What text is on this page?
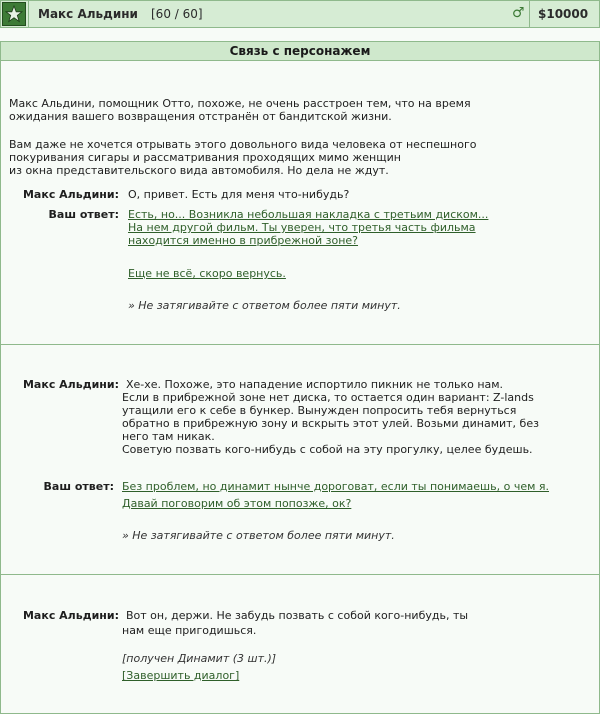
Макс Альдини [60 / 60]	♂ $10000
Связь с персонажем
Макс Альдини, помощник Отто, похоже, не очень расстроен тем, что на время
ожидания вашего возвращения отстранён от бандитской жизни.
Вам даже не хочется отрывать этого довольного вида человека от неспешного
покуривания сигары и рассматривания проходящих мимо женщин
из окна представительского вида автомобиля. Но дела не ждут.
Макс Альдини: О, привет. Есть для меня что-нибудь?
Ваш ответ: Есть, но... Возникла небольшая накладка с третьим диском...
На нем другой фильм. Ты уверен, что третья часть фильма
находится именно в прибрежной зоне?
Еще не всё, скоро вернусь.
» Не затягивайте с ответом более пяти минут.
Макс Альдини: Хе-хе. Похоже, это нападение испортило пикник не только нам.
Если в прибрежной зоне нет диска, то остается один вариант: Z-lands
утащили его к себе в бункер. Вынужден попросить тебя вернуться
обратно в прибрежную зону и вскрыть этот улей. Возьми динамит, без
него там никак.
Советую позвать кого-нибудь с собой на эту прогулку, целее будешь.
Ваш ответ: Без проблем, но динамит нынче дороговат, если ты понимаешь, о чем я.
Давай поговорим об этом попозже, ок?
» Не затягивайте с ответом более пяти минут.
Макс Альдини: Вот он, держи. Не забудь позвать с собой кого-нибудь, ты
нам еще пригодишься.
[получен Динамит (3 шт.)]
[Завершить диалог]
